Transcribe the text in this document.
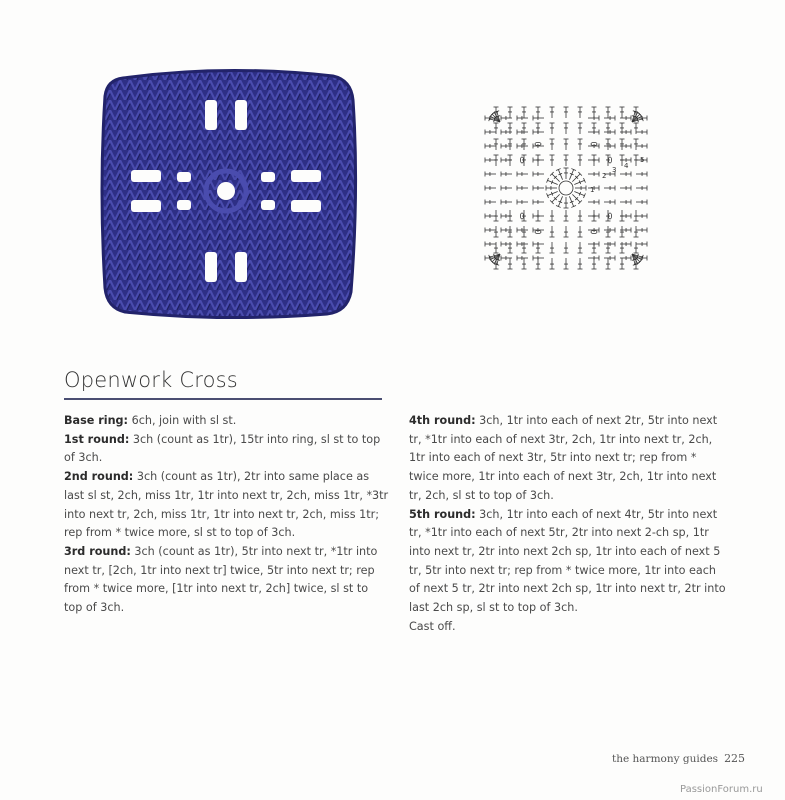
1
2
3 4
5
Openwork Cross

Base ring: 6ch, join with sl st.

1st round: 3ch (count as 1tr), 15tr into ring, sl st to top of 3ch.

2nd round: 3ch (count as 1tr), 2tr into same place as last sl st, 2ch, miss 1tr, 1tr into next tr, 2ch, miss 1tr, *3tr into next tr, 2ch, miss 1tr, 1tr into next tr, 2ch, miss 1tr; rep from * twice more, sl st to top of 3ch.

3rd round: 3ch (count as 1tr), 5tr into next tr, *1tr into next tr, [2ch, 1tr into next tr] twice, 5tr into next tr; rep from * twice more, [1tr into next tr, 2ch] twice, sl st to top of 3ch.

4th round: 3ch, 1tr into each of next 2tr, 5tr into next tr, *1tr into each of next 3tr, 2ch, 1tr into next tr, 2ch, 1tr into each of next 3tr, 5tr into next tr; rep from * twice more, 1tr into each of next 3tr, 2ch, 1tr into next tr, 2ch, sl st to top of 3ch.

5th round: 3ch, 1tr into each of next 4tr, 5tr into next tr, *1tr into each of next 5tr, 2tr into next 2-ch sp, 1tr into next tr, 2tr into next 2ch sp, 1tr into each of next 5 tr, 5tr into next tr; rep from * twice more, 1tr into each of next 5 tr, 2tr into next 2ch sp, 1tr into next tr, 2tr into last 2ch sp, sl st to top of 3ch.

Cast off.

the harmony guides 225
PassionForum.ru
